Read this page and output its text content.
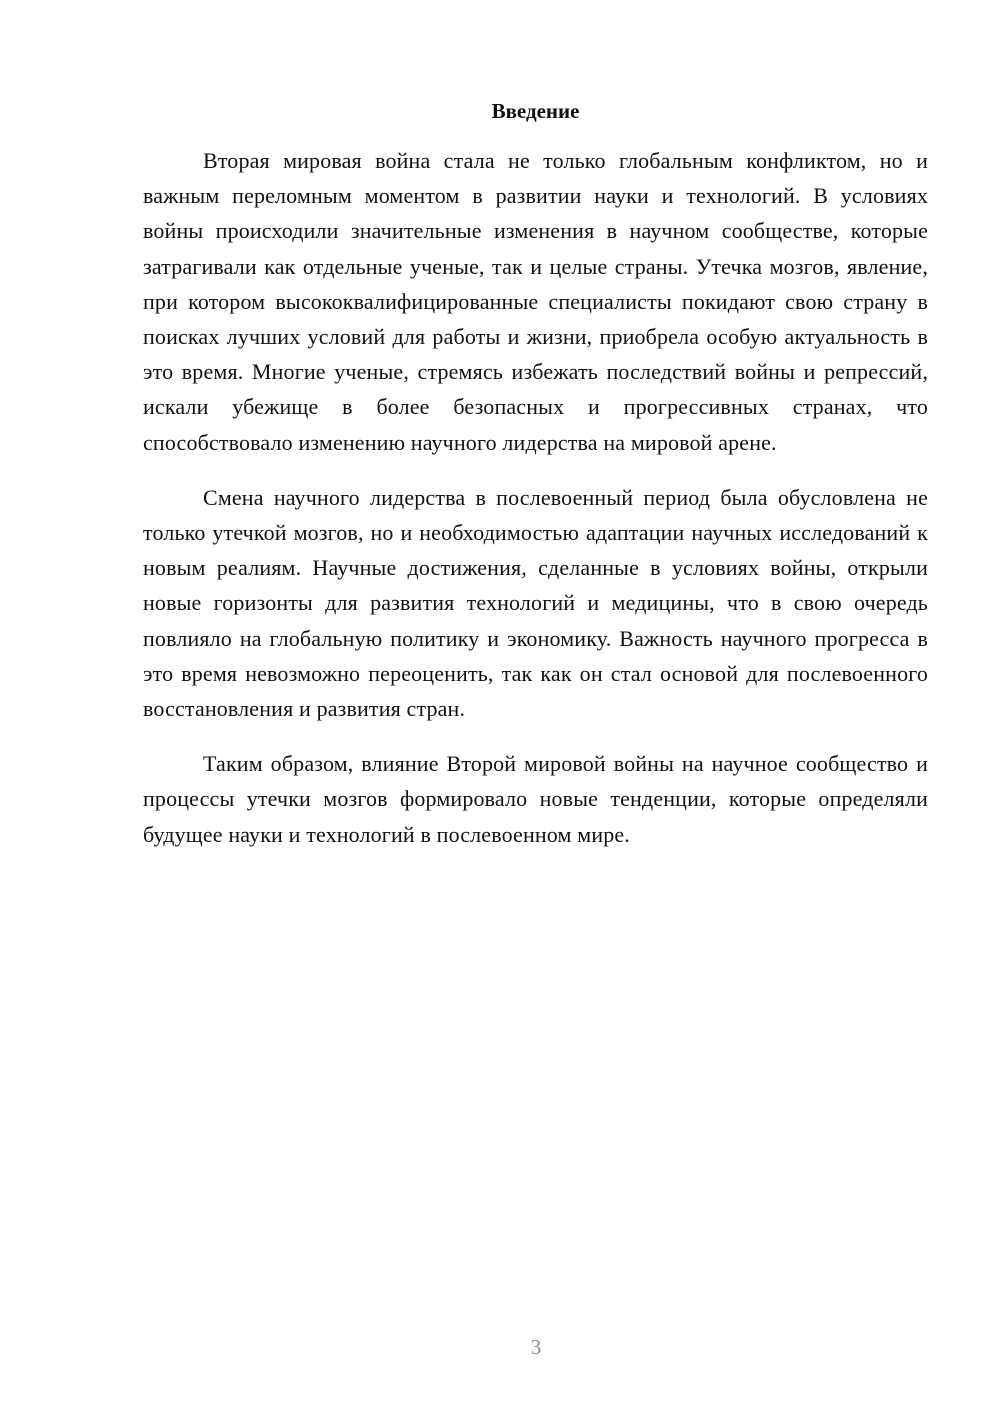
Введение

Вторая мировая война стала не только глобальным конфликтом, но и важным переломным моментом в развитии науки и технологий. В условиях войны происходили значительные изменения в научном сообществе, которые затрагивали как отдельные ученые, так и целые страны. Утечка мозгов, явление, при котором высококвалифицированные специалисты покидают свою страну в поисках лучших условий для работы и жизни, приобрела особую актуальность в это время. Многие ученые, стремясь избежать последствий войны и репрессий, искали убежище в более безопасных и прогрессивных странах, что способствовало изменению научного лидерства на мировой арене.

Смена научного лидерства в послевоенный период была обусловлена не только утечкой мозгов, но и необходимостью адаптации научных исследований к новым реалиям. Научные достижения, сделанные в условиях войны, открыли новые горизонты для развития технологий и медицины, что в свою очередь повлияло на глобальную политику и экономику. Важность научного прогресса в это время невозможно переоценить, так как он стал основой для послевоенного восстановления и развития стран.

Таким образом, влияние Второй мировой войны на научное сообщество и процессы утечки мозгов формировало новые тенденции, которые определяли будущее науки и технологий в послевоенном мире.

3
